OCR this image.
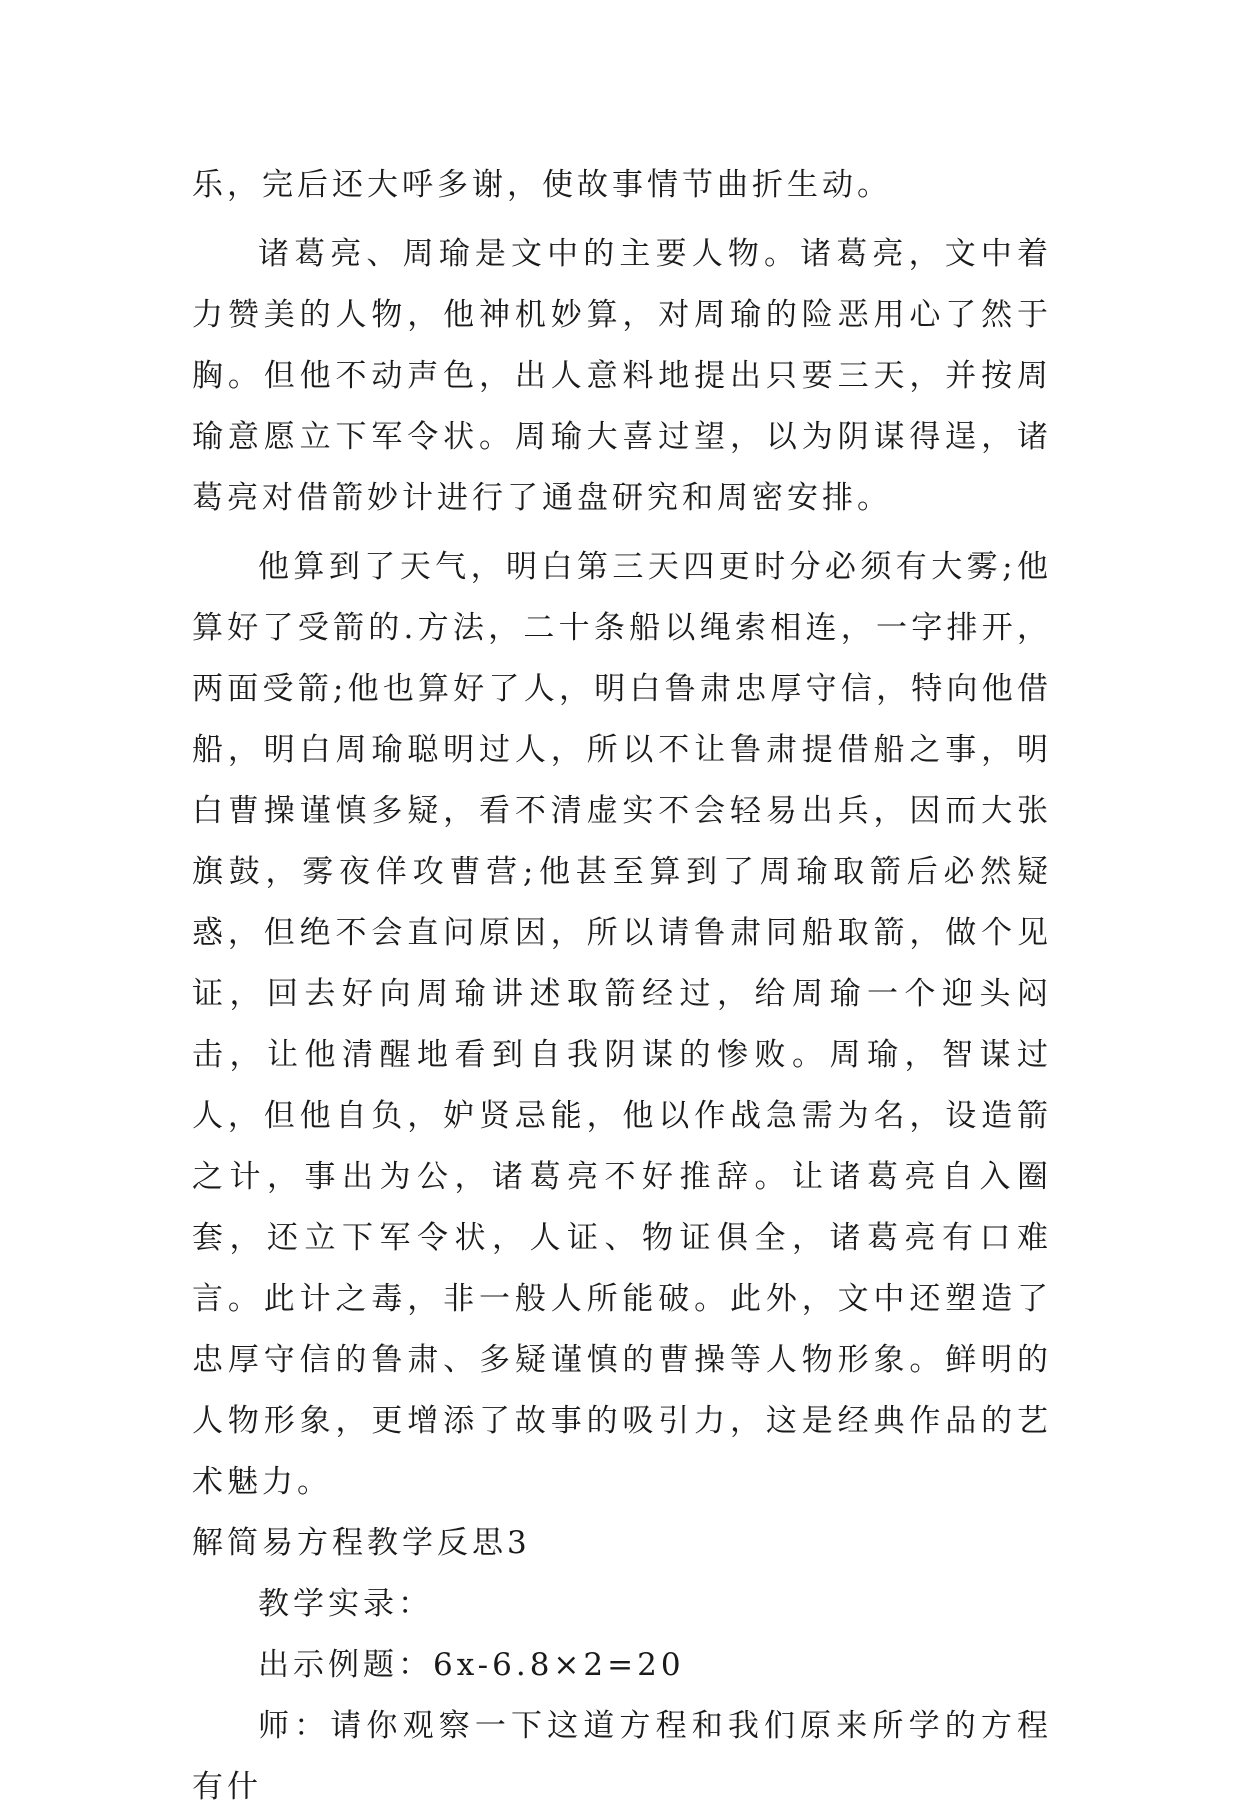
乐，完后还大呼多谢，使故事情节曲折生动。

诸葛亮、周瑜是文中的主要人物。诸葛亮，文中着力赞美的人物，他神机妙算，对周瑜的险恶用心了然于胸。但他不动声色，出人意料地提出只要三天，并按周瑜意愿立下军令状。周瑜大喜过望，以为阴谋得逞，诸葛亮对借箭妙计进行了通盘研究和周密安排。

他算到了天气，明白第三天四更时分必须有大雾;他算好了受箭的.方法，二十条船以绳索相连，一字排开，两面受箭;他也算好了人，明白鲁肃忠厚守信，特向他借船，明白周瑜聪明过人，所以不让鲁肃提借船之事，明白曹操谨慎多疑，看不清虚实不会轻易出兵，因而大张旗鼓，雾夜佯攻曹营;他甚至算到了周瑜取箭后必然疑惑，但绝不会直问原因，所以请鲁肃同船取箭，做个见证，回去好向周瑜讲述取箭经过，给周瑜一个迎头闷击，让他清醒地看到自我阴谋的惨败。周瑜，智谋过人，但他自负，妒贤忌能，他以作战急需为名，设造箭之计，事出为公，诸葛亮不好推辞。让诸葛亮自入圈套，还立下军令状，人证、物证俱全，诸葛亮有口难言。此计之毒，非一般人所能破。此外，文中还塑造了忠厚守信的鲁肃、多疑谨慎的曹操等人物形象。鲜明的人物形象，更增添了故事的吸引力，这是经典作品的艺术魅力。

解简易方程教学反思3

教学实录：

出示例题：6x-6.8×2=20

师：请你观察一下这道方程和我们原来所学的方程有什
